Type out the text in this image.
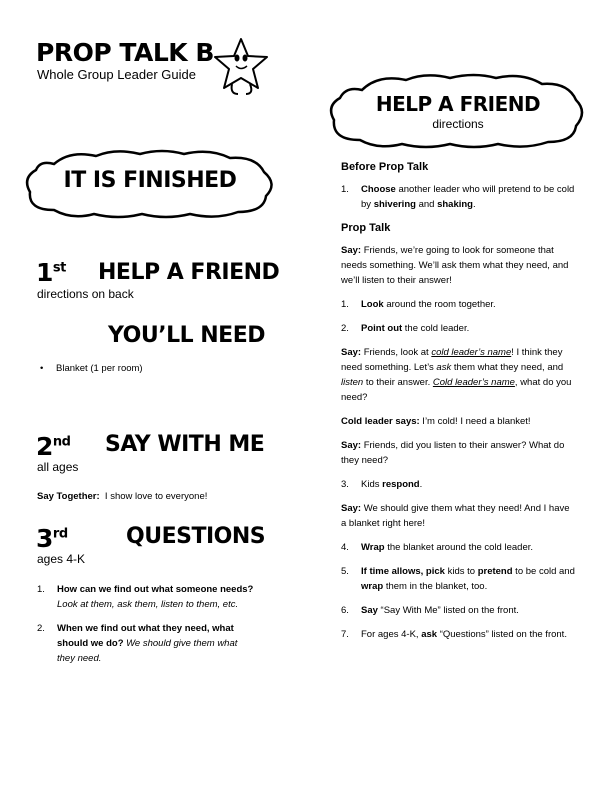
PROP TALK B
Whole Group Leader Guide
IT IS FINISHED
1st HELP A FRIEND
directions on back
YOU’LL NEED
• Blanket (1 per room)
2nd SAY WITH ME
all ages
Say Together: I show love to everyone!
3rd	QUESTIONS
ages 4-K
1.	How can we find out what someone needs?
Look at them, ask them, listen to them, etc.
2.	When we find out what they need, what should we do? We should give them what they need.
HELP A FRIEND
directions
Before Prop Talk
1.	Choose another leader who will pretend to be cold by shivering and shaking.
Prop Talk

Say: Friends, we’re going to look for someone that needs something. We’ll ask them what they need, and we’ll listen to their answer!

1.	Look around the room together.
2.	Point out the cold leader.

Say: Friends, look at cold leader’s name! I think they need something. Let’s ask them what they need, and listen to their answer. Cold leader’s name, what do you need?

Cold leader says: I’m cold! I need a blanket!

Say: Friends, did you listen to their answer? What do they need?

3.	Kids respond.

Say: We should give them what they need! And I have a blanket right here!

4.	Wrap the blanket around the cold leader.
5.	If time allows, pick kids to pretend to be cold and wrap them in the blanket, too.
6.	Say “Say With Me” listed on the front.
7.	For ages 4-K, ask “Questions” listed on the front.
